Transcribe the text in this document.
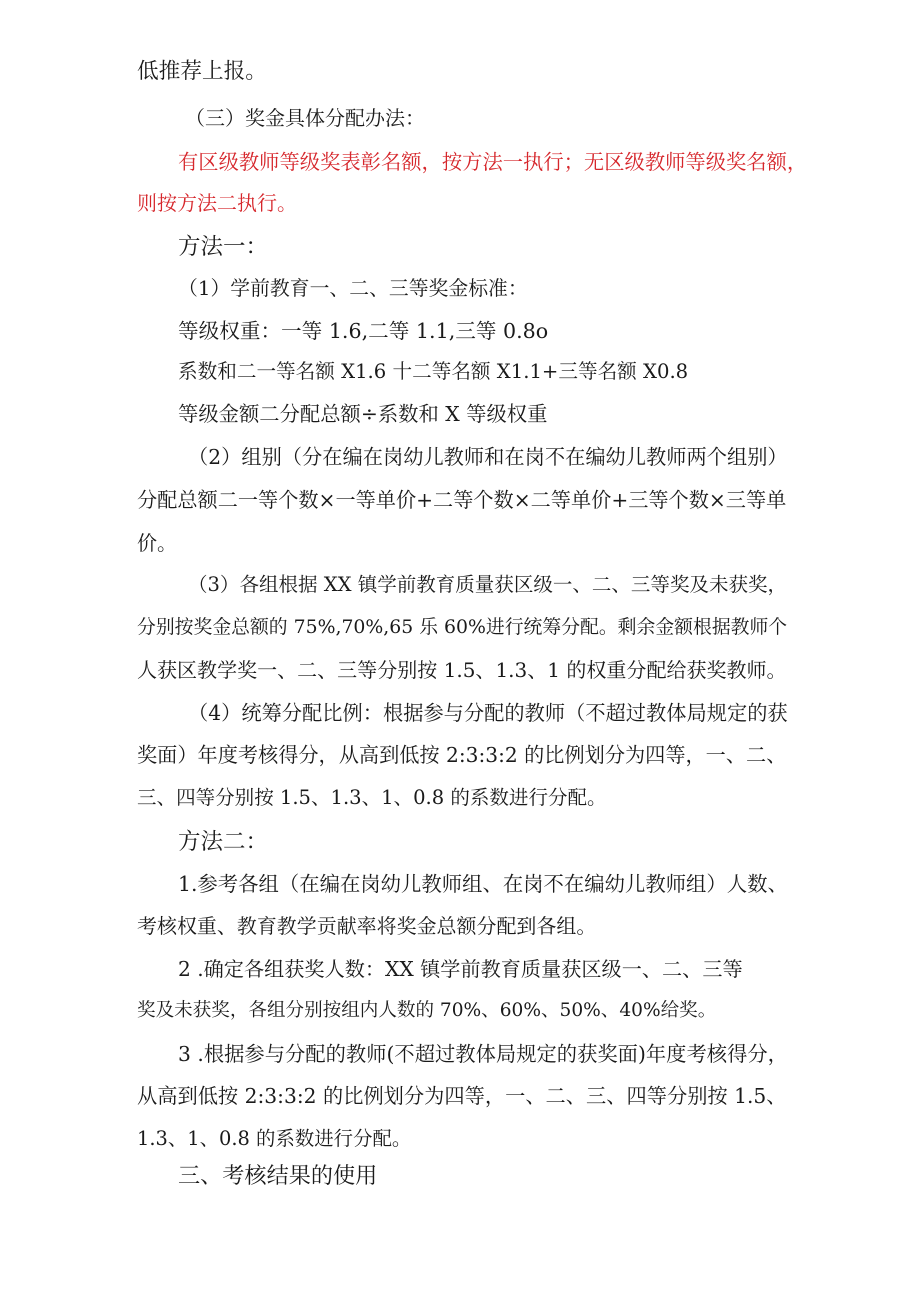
低推荐上报。
（三）奖金具体分配办法：
有区级教师等级奖表彰名额，按方法一执行；无区级教师等级奖名额，
则按方法二执行。
方法一：
（1）学前教育一、二、三等奖金标准：
等级权重：一等 1.6,二等 1.1,三等 0.8o
系数和二一等名额 X1.6 十二等名额 X1.1+三等名额 X0.8
等级金额二分配总额÷系数和 X 等级权重
（2）组别（分在编在岗幼儿教师和在岗不在编幼儿教师两个组别）
分配总额二一等个数×一等单价+二等个数×二等单价+三等个数×三等单
价。
（3）各组根据 XX 镇学前教育质量获区级一、二、三等奖及未获奖，
分别按奖金总额的 75%,70%,65 乐 60%进行统筹分配。剩余金额根据教师个
人获区教学奖一、二、三等分别按 1.5、1.3、1 的权重分配给获奖教师。
（4）统筹分配比例：根据参与分配的教师（不超过教体局规定的获
奖面）年度考核得分，从高到低按 2:3:3:2 的比例划分为四等，一、二、
三、四等分别按 1.5、1.3、1、0.8 的系数进行分配。
方法二：
1.参考各组（在编在岗幼儿教师组、在岗不在编幼儿教师组）人数、
考核权重、教育教学贡献率将奖金总额分配到各组。
2 .确定各组获奖人数：XX 镇学前教育质量获区级一、二、三等
奖及未获奖，各组分别按组内人数的 70%、60%、50%、40%给奖。
3 .根据参与分配的教师(不超过教体局规定的获奖面)年度考核得分，
从高到低按 2:3:3:2 的比例划分为四等，一、二、三、四等分别按 1.5、
1.3、1、0.8 的系数进行分配。
三、考核结果的使用
